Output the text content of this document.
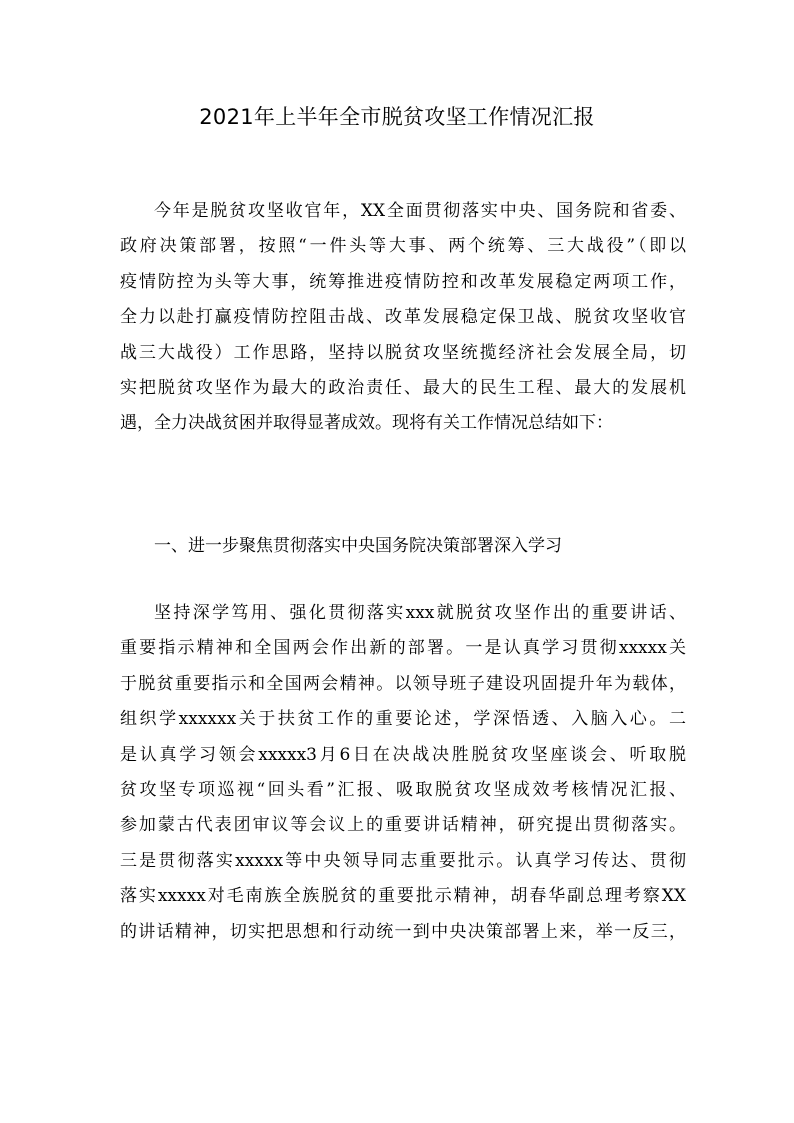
2021年上半年全市脱贫攻坚工作情况汇报
今年是脱贫攻坚收官年，XX全面贯彻落实中央、国务院和省委、
政府决策部署，按照“一件头等大事、两个统筹、三大战役”（即以
疫情防控为头等大事，统筹推进疫情防控和改革发展稳定两项工作，
全力以赴打赢疫情防控阻击战、改革发展稳定保卫战、脱贫攻坚收官
战三大战役）工作思路，坚持以脱贫攻坚统揽经济社会发展全局，切
实把脱贫攻坚作为最大的政治责任、最大的民生工程、最大的发展机
遇，全力决战贫困并取得显著成效。现将有关工作情况总结如下：
一、进一步聚焦贯彻落实中央国务院决策部署深入学习
坚持深学笃用、强化贯彻落实xxx就脱贫攻坚作出的重要讲话、
重要指示精神和全国两会作出新的部署。一是认真学习贯彻xxxxx关
于脱贫重要指示和全国两会精神。以领导班子建设巩固提升年为载体，
组织学xxxxxx关于扶贫工作的重要论述，学深悟透、入脑入心。二
是认真学习领会xxxxx3月6日在决战决胜脱贫攻坚座谈会、听取脱
贫攻坚专项巡视“回头看”汇报、吸取脱贫攻坚成效考核情况汇报、
参加蒙古代表团审议等会议上的重要讲话精神，研究提出贯彻落实。
三是贯彻落实xxxxx等中央领导同志重要批示。认真学习传达、贯彻
落实xxxxx对毛南族全族脱贫的重要批示精神，胡春华副总理考察XX
的讲话精神，切实把思想和行动统一到中央决策部署上来，举一反三，
